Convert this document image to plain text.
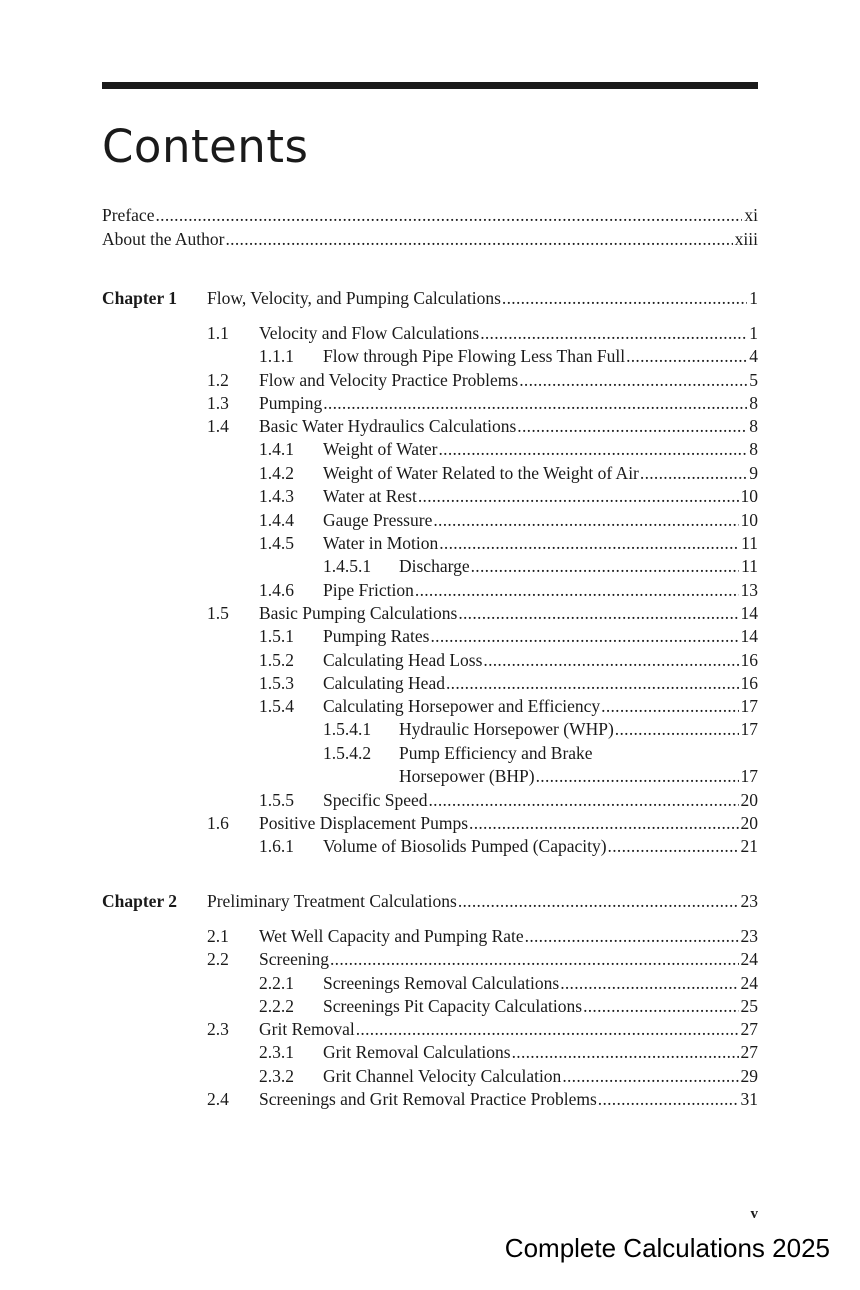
Contents
Preface .....	xi
About the Author .....	xiii
Chapter 1 Flow, Velocity, and Pumping Calculations .....	1
1.1 Velocity and Flow Calculations .....	1
1.1.1 Flow through Pipe Flowing Less Than Full .....	4
1.2 Flow and Velocity Practice Problems .....	5
1.3 Pumping .....	8
1.4 Basic Water Hydraulics Calculations .....	8
1.4.1 Weight of Water .....	8
1.4.2 Weight of Water Related to the Weight of Air .....	9
1.4.3 Water at Rest .....	10
1.4.4 Gauge Pressure .....	10
1.4.5 Water in Motion .....	11
1.4.5.1 Discharge .....	11
1.4.6 Pipe Friction .....	13
1.5 Basic Pumping Calculations .....	14
1.5.1 Pumping Rates .....	14
1.5.2 Calculating Head Loss .....	16
1.5.3 Calculating Head .....	16
1.5.4 Calculating Horsepower and Efficiency .....	17
1.5.4.1 Hydraulic Horsepower (WHP) .....	17
1.5.4.2 Pump Efficiency and Brake
Horsepower (BHP) .....	17
1.5.5 Specific Speed .....	20
1.6 Positive Displacement Pumps .....	20
1.6.1 Volume of Biosolids Pumped (Capacity) .....	21
Chapter 2 Preliminary Treatment Calculations .....	23
2.1 Wet Well Capacity and Pumping Rate .....	23
2.2 Screening .....	24
2.2.1 Screenings Removal Calculations .....	24
2.2.2 Screenings Pit Capacity Calculations .....	25
2.3 Grit Removal .....	27
2.3.1 Grit Removal Calculations .....	27
2.3.2 Grit Channel Velocity Calculation .....	29
2.4 Screenings and Grit Removal Practice Problems .....	31
v
Complete Calculations 2025
